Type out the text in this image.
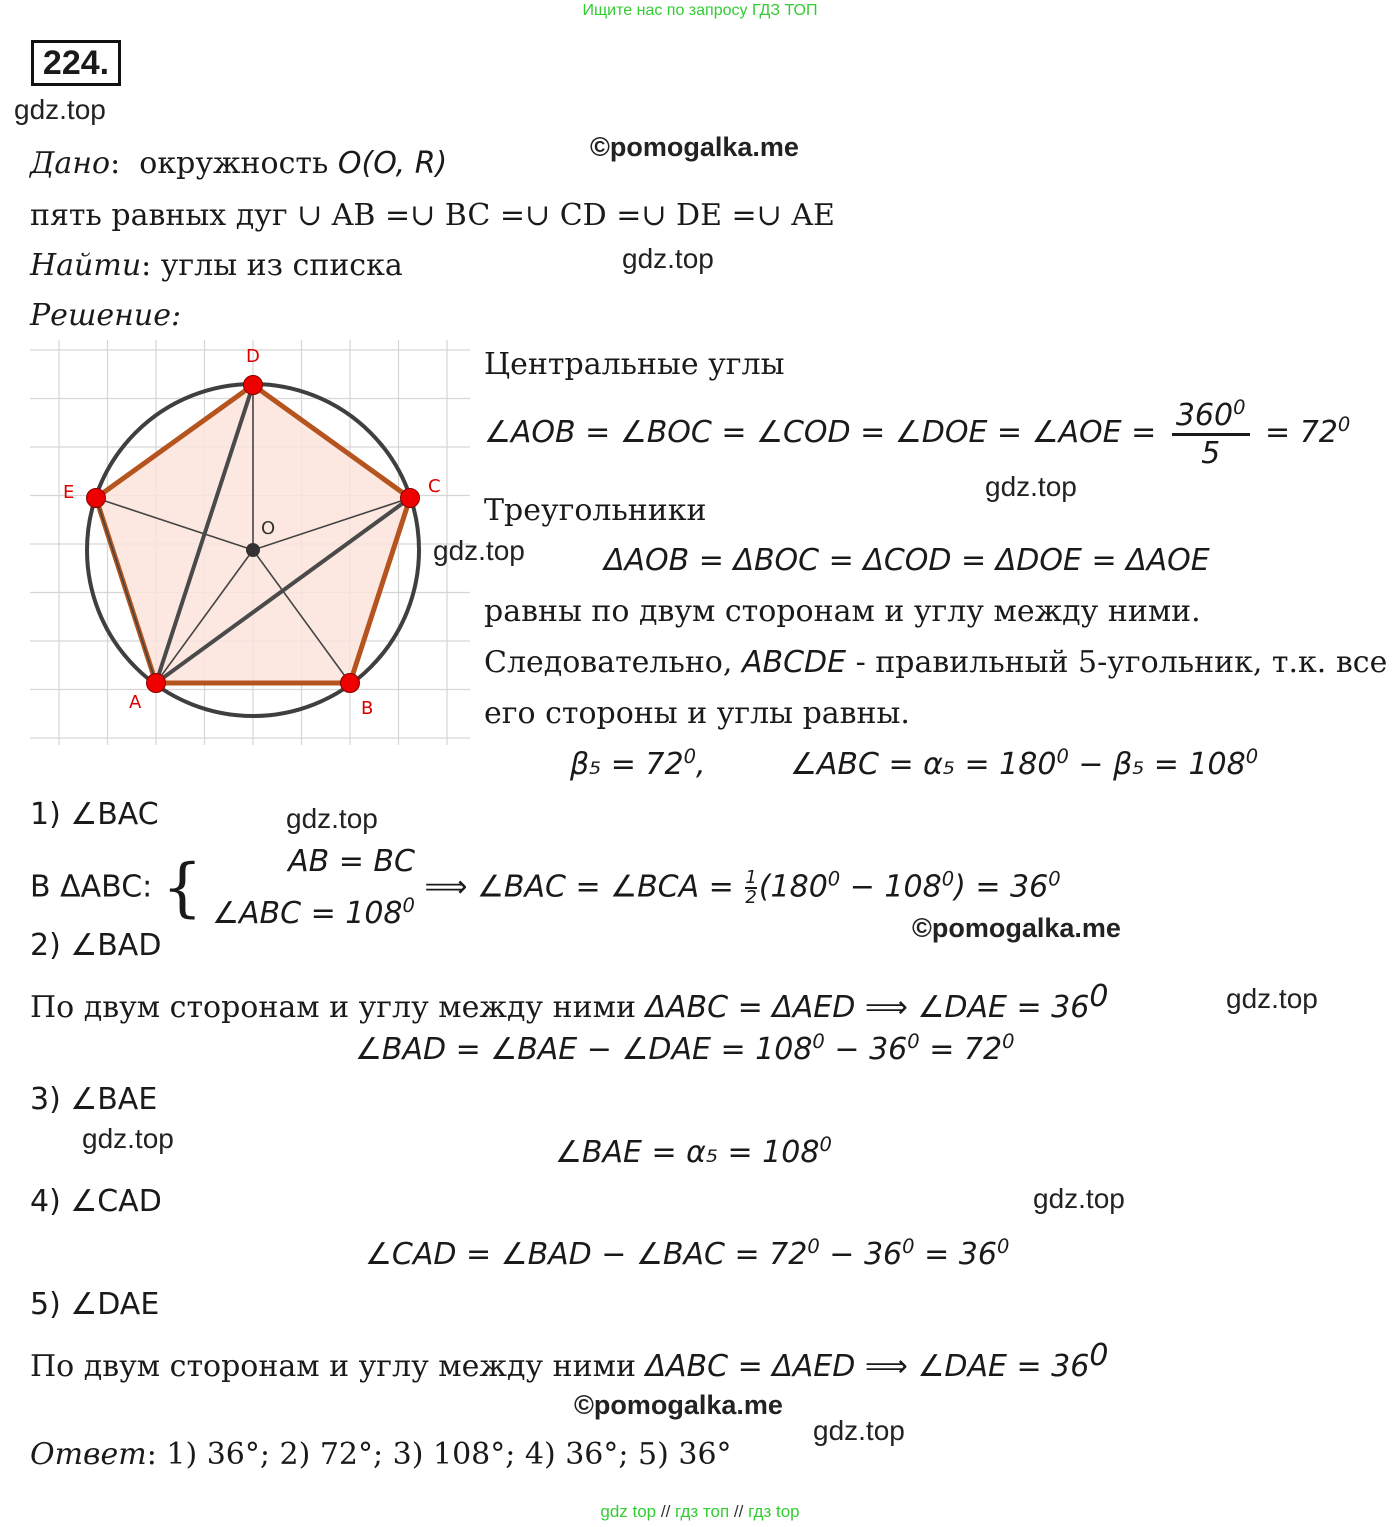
Ищите нас по запросу ГДЗ ТОП
224.
gdz.top
©pomogalka.me
Дано:  окружность O(O, R)
пять равных дуг ∪ AB =∪ BC =∪ CD =∪ DE =∪ AE
Найти: углы из списка	gdz.top
Решение:
D
C
E
A	B
O
gdz.top
Центральные углы
∠AOB = ∠BOC = ∠COD = ∠DOE = ∠AOE = $\frac{360^0}{5} = 72^0$
gdz.top
Треугольники
ΔAOB = ΔBOC = ΔCOD = ΔDOE = ΔAOE
равны по двум сторонам и углу между ними.
Следовательно, ABCDE - правильный 5-угольник, т.к. все
его стороны и углы равны.
$\beta_5 = 72^0$,	∠ABC = $\alpha_5 = 180^0 - \beta_5 = 108^0$
1) ∠BAC	gdz.top
В ΔABC: {	AB = BC
∠ABC = $108^0$
⟹ ∠BAC = ∠BCA = $\frac{1}{2}(180^0 - 108^0) = 36^0$
©pomogalka.me
2) ∠BAD
По двум сторонам и углу между ними ΔABC = ΔAED ⟹ ∠DAE = $36^0$	gdz.top
∠BAD = ∠BAE − ∠DAE = $108^0 - 36^0 = 72^0$
3) ∠BAE
gdz.top	∠BAE = $\alpha_5 = 108^0$
gdz.top
4) ∠CAD
∠CAD = ∠BAD − ∠BAC = $72^0 - 36^0 = 36^0$
5) ∠DAE
По двум сторонам и углу между ними ΔABC = ΔAED ⟹ ∠DAE = $36^0$
©pomogalka.me
gdz.top
Ответ: 1) 36°; 2) 72°; 3) 108°; 4) 36°; 5) 36°
gdz top // гдз топ // гдз top
